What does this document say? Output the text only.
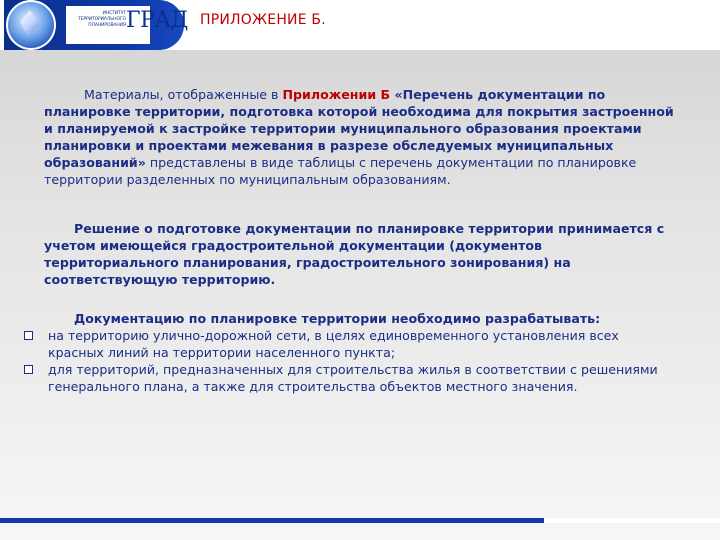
ИНСТИТУТ
ТЕРРИТОРИАЛЬНОГО
ПЛАНИРОВАНИЯ ГРАД ПРИЛОЖЕНИЕ Б.

Материалы, отображенные в Приложении Б «Перечень документации по планировке территории, подготовка которой необходима для покрытия застроенной и планируемой к застройке территории муниципального образования проектами планировки и проектами межевания в разрезе обследуемых муниципальных образований» представлены в виде таблицы с перечень документации по планировке территории разделенных по муниципальным образованиям.

Решение о подготовке документации по планировке территории принимается с учетом имеющейся градостроительной документации (документов территориального планирования, градостроительного зонирования) на соответствующую территорию.

Документацию по планировке территории необходимо разрабатывать:

на территорию улично-дорожной сети, в целях единовременного установления всех красных линий на территории населенного пункта;
для территорий, предназначенных для строительства жилья в соответствии с решениями генерального плана, а также для строительства объектов местного значения.
